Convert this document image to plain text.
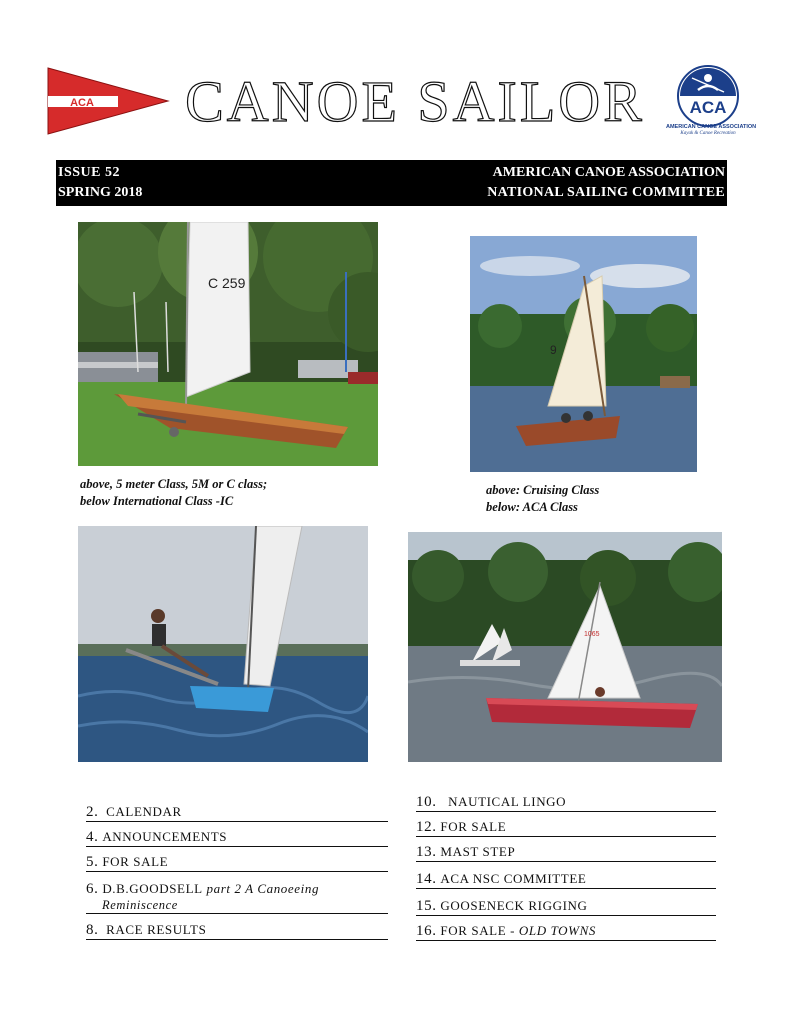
ACA CANOE SAILOR	ACA
AMERICAN CANOE ASSOCIATION
Kayak & Canoe Recreation
ISSUE 52
SPRING 2018
AMERICAN CANOE ASSOCIATION
NATIONAL SAILING COMMITTEE
C 259
9
above, 5 meter Class, 5M or C class;
below International Class -IC
above: Cruising Class
below: ACA Class
1065
2. CALENDAR
4. ANNOUNCEMENTS
5. FOR SALE
6. D.B.GOODSELL part 2 A Canoeeing
Reminiscence
8. RACE RESULTS
10. NAUTICAL LINGO
12. FOR SALE
13. MAST STEP
14. ACA NSC COMMITTEE
15. GOOSENECK RIGGING
16. FOR SALE - OLD TOWNS
